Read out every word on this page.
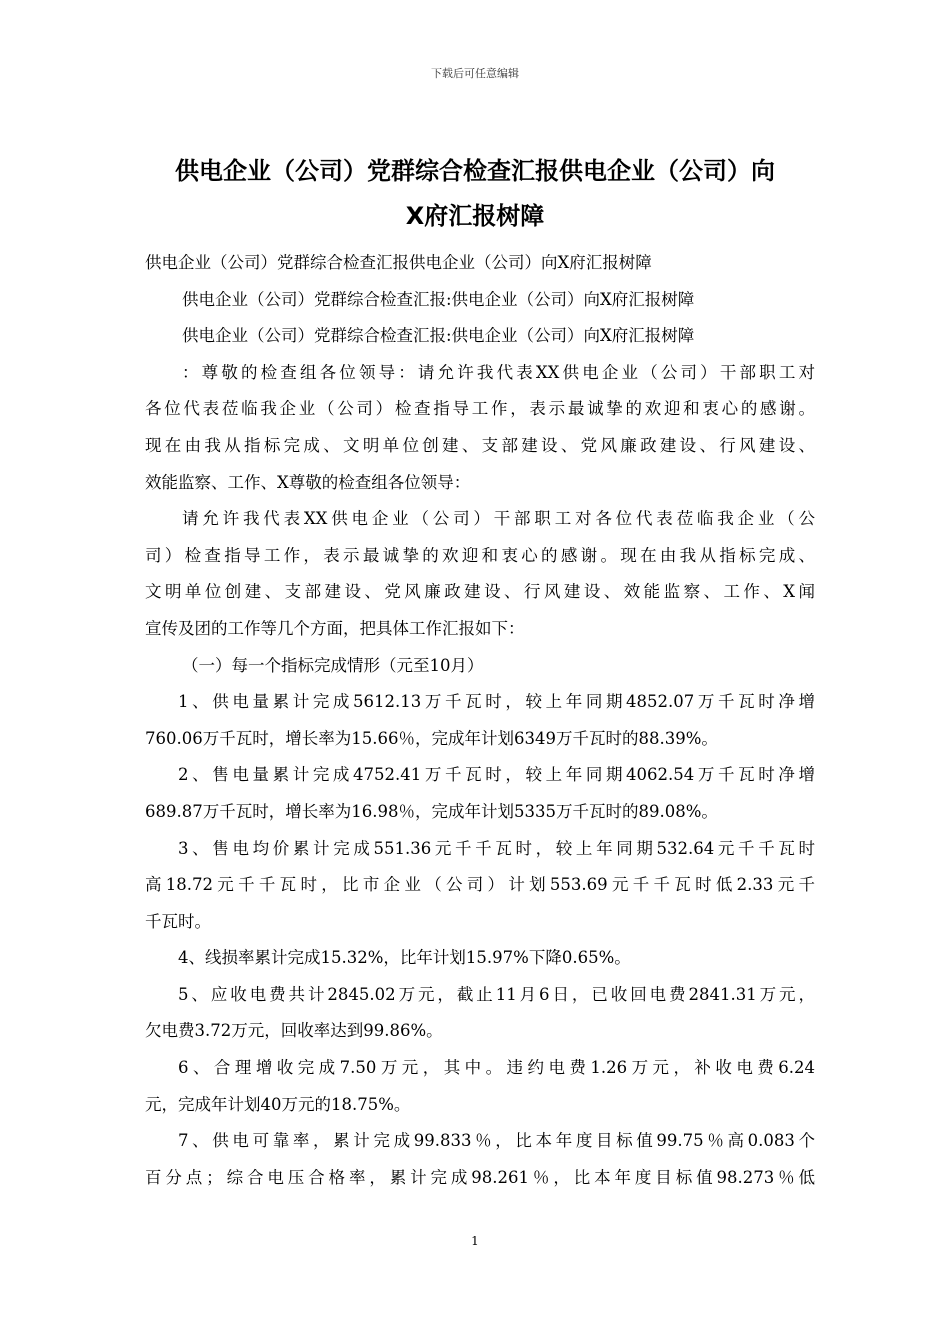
下载后可任意编辑
供电企业（公司）党群综合检查汇报供电企业（公司）向
X府汇报树障
供电企业（公司）党群综合检查汇报供电企业（公司）向X府汇报树障
供电企业（公司）党群综合检查汇报:供电企业（公司）向X府汇报树障
供电企业（公司）党群综合检查汇报:供电企业（公司）向X府汇报树障
：尊敬的检查组各位领导：请允许我代表XX供电企业（公司）干部职工对
各位代表莅临我企业（公司）检查指导工作，表示最诚挚的欢迎和衷心的感谢。
现在由我从指标完成、文明单位创建、支部建设、党风廉政建设、行风建设、
效能监察、工作、X尊敬的检查组各位领导：
请允许我代表XX供电企业（公司）干部职工对各位代表莅临我企业（公
司）检查指导工作，表示最诚挚的欢迎和衷心的感谢。现在由我从指标完成、
文明单位创建、支部建设、党风廉政建设、行风建设、效能监察、工作、X闻
宣传及团的工作等几个方面，把具体工作汇报如下：
（一）每一个指标完成情形（元至10月）
1、供电量累计完成5612.13万千瓦时，较上年同期4852.07万千瓦时净增
760.06万千瓦时，增长率为15.66％，完成年计划6349万千瓦时的88.39%。
2、售电量累计完成4752.41万千瓦时，较上年同期4062.54万千瓦时净增
689.87万千瓦时，增长率为16.98％，完成年计划5335万千瓦时的89.08%。
3、售电均价累计完成551.36元千千瓦时，较上年同期532.64元千千瓦时
高18.72元千千瓦时，比市企业（公司）计划553.69元千千瓦时低2.33元千
千瓦时。
4、线损率累计完成15.32%，比年计划15.97%下降0.65%。
5、应收电费共计2845.02万元，截止11月6日，已收回电费2841.31万元，
欠电费3.72万元，回收率达到99.86%。
6、合理增收完成7.50万元，其中。违约电费1.26万元，补收电费6.24
元，完成年计划40万元的18.75%。
7、供电可靠率，累计完成99.833％，比本年度目标值99.75％高0.083个
百分点；综合电压合格率，累计完成98.261％，比本年度目标值98.273％低
1
